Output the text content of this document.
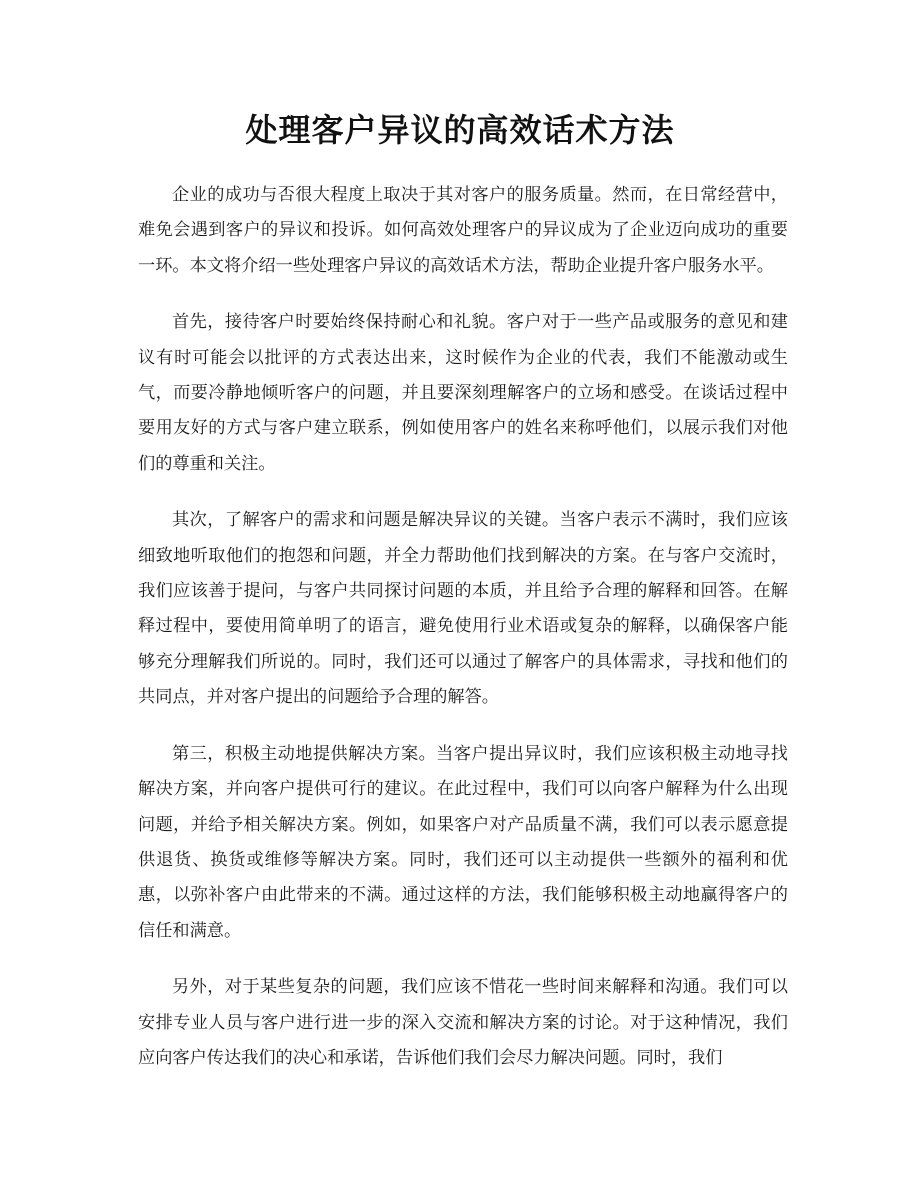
处理客户异议的高效话术方法

企业的成功与否很大程度上取决于其对客户的服务质量。然而，在日常经营中，难免会遇到客户的异议和投诉。如何高效处理客户的异议成为了企业迈向成功的重要一环。本文将介绍一些处理客户异议的高效话术方法，帮助企业提升客户服务水平。

首先，接待客户时要始终保持耐心和礼貌。客户对于一些产品或服务的意见和建议有时可能会以批评的方式表达出来，这时候作为企业的代表，我们不能激动或生气，而要冷静地倾听客户的问题，并且要深刻理解客户的立场和感受。在谈话过程中要用友好的方式与客户建立联系，例如使用客户的姓名来称呼他们，以展示我们对他们的尊重和关注。

其次，了解客户的需求和问题是解决异议的关键。当客户表示不满时，我们应该细致地听取他们的抱怨和问题，并全力帮助他们找到解决的方案。在与客户交流时，我们应该善于提问，与客户共同探讨问题的本质，并且给予合理的解释和回答。在解释过程中，要使用简单明了的语言，避免使用行业术语或复杂的解释，以确保客户能够充分理解我们所说的。同时，我们还可以通过了解客户的具体需求，寻找和他们的共同点，并对客户提出的问题给予合理的解答。

第三，积极主动地提供解决方案。当客户提出异议时，我们应该积极主动地寻找解决方案，并向客户提供可行的建议。在此过程中，我们可以向客户解释为什么出现问题，并给予相关解决方案。例如，如果客户对产品质量不满，我们可以表示愿意提供退货、换货或维修等解决方案。同时，我们还可以主动提供一些额外的福利和优惠，以弥补客户由此带来的不满。通过这样的方法，我们能够积极主动地赢得客户的信任和满意。

另外，对于某些复杂的问题，我们应该不惜花一些时间来解释和沟通。我们可以安排专业人员与客户进行进一步的深入交流和解决方案的讨论。对于这种情况，我们应向客户传达我们的决心和承诺，告诉他们我们会尽力解决问题。同时，我们
